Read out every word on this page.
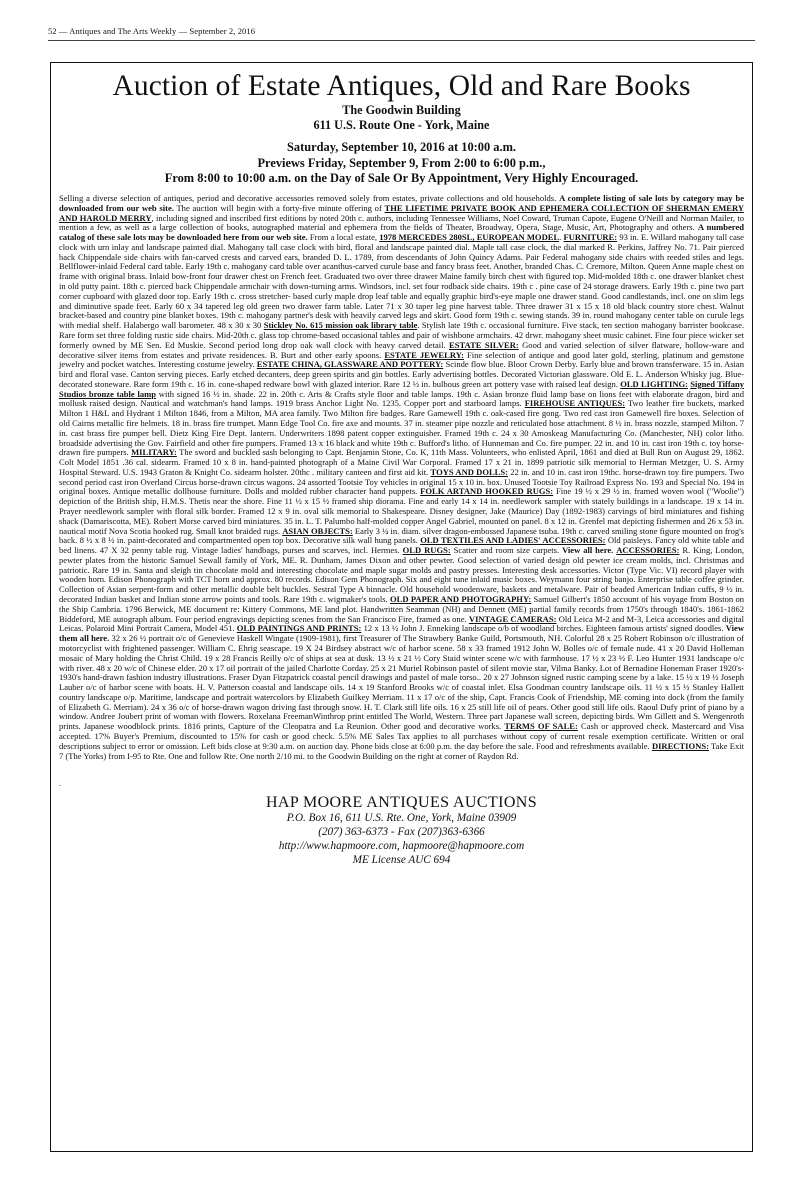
52 — Antiques and The Arts Weekly — September 2, 2016
Auction of Estate Antiques, Old and Rare Books

The Goodwin Building

611 U.S. Route One - York, Maine

Saturday, September 10, 2016 at 10:00 a.m.

Previews Friday, September 9, From 2:00 to 6:00 p.m.,

From 8:00 to 10:00 a.m. on the Day of Sale Or By Appointment, Very Highly Encouraged.

Selling a diverse selection of antiques, period and decorative accessories removed solely from estates, private collections and old households. A complete listing of sale lots by category may be downloaded from our web site. The auction will begin with a forty-five minute offering of THE LIFETIME PRIVATE BOOK AND EPHEMERA COLLECTION OF SHERMAN EMERY AND HAROLD MERRY, including signed and inscribed first editions by noted 20th c. authors, including Tennessee Williams, Noel Coward, Truman Capote, Eugene O'Neill and Norman Mailer, to mention a few, as well as a large collection of books, autographed material and ephemera from the fields of Theater, Broadway, Opera, Stage, Music, Art, Photography and others. A numbered catalog of these sale lots may be downloaded here from our web site. From a local estate, 1978 MERCEDES 280SL, EUROPEAN MODEL. FURNITURE: 93 in. E. Willard mahogany tall case clock with urn inlay and landscape painted dial. Mahogany tall case clock with bird, floral and landscape painted dial. Maple tall case clock, the dial marked R. Perkins, Jaffrey No. 71. Pair pierced back Chippendale side chairs with fan-carved crests and carved ears, branded D. L. 1789, from descendants of John Quincy Adams. Pair Federal mahogany side chairs with reeded stiles and legs. Bellflower-inlaid Federal card table. Early 19th c. mahogany card table over acanthus-carved curule base and fancy brass feet. Another, branded Chas. C. Cremore, Milton. Queen Anne maple chest on frame with original brass. Inlaid bow-front four drawer chest on French feet. Graduated two over three drawer Maine family birch chest with figured top. Mid-molded 18th c. one drawer blanket chest in old putty paint. 18th c. pierced back Chippendale armchair with down-turning arms. Windsors, incl. set four rodback side chairs. 19th c . pine case of 24 storage drawers. Early 19th c. pine two part corner cupboard with glazed door top. Early 19th c. cross stretcher- based curly maple drop leaf table and equally graphic bird's-eye maple one drawer stand. Good candlestands, incl. one on slim legs and diminutive spade feet. Early 60 x 34 tapered leg old green two drawer farm table. Later 71 x 30 taper leg pine harvest table. Three drawer 31 x 15 x 18 old black country store chest. Walnut bracket-based and country pine blanket boxes. 19th c. mahogany partner's desk with heavily carved legs and skirt. Good form 19th c. sewing stands. 39 in. round mahogany center table on curule legs with medial shelf. Halabergo wall barometer. 48 x 30 x 30 Stickley No. 615 mission oak library table. Stylish late 19th c. occasional furniture. Five stack, ten section mahogany barrister bookcase. Rare form set three folding rustic side chairs. Mid-20th c. glass top chrome-based occasional tables and pair of wishbone armchairs. 42 drwr. mahogany sheet music cabinet. Fine four piece wicker set formerly owned by ME Sen. Ed Muskie. Second period long drop oak wall clock with heavy carved detail. ESTATE SILVER: Good and varied selection of silver flatware, hollow-ware and decorative silver items from estates and private residences. B. Burt and other early spoons. ESTATE JEWELRY: Fine selection of antique and good later gold, sterling, platinum and gemstone jewelry and pocket watches. Interesting costume jewelry. ESTATE CHINA, GLASSWARE AND POTTERY: Scinde flow blue. Bloor Crown Derby. Early blue and brown transferware. 15 in. Asian bird and floral vase. Canton serving pieces. Early etched decanters, deep green spirits and gin bottles. Early advertising bottles. Decorated Victorian glassware. Old E. L. Anderson Whisky jug. Blue-decorated stoneware. Rare form 19th c. 16 in. cone-shaped redware bowl with glazed interior. Rare 12 ½ in. bulbous green art pottery vase with raised leaf design. OLD LIGHTING: Signed Tiffany Studios bronze table lamp with signed 16 ½ in. shade. 22 in. 20th c. Arts & Crafts style floor and table lamps. 19th c. Asian bronze fluid lamp base on lions feet with elaborate dragon, bird and mollusk raised design. Nautical and watchman's hand lamps. 1919 brass Anchor Light No. 1235. Copper port and starboard lamps. FIREHOUSE ANTIQUES: Two leather fire buckets, marked Milton 1 H&L and Hydrant 1 Milton 1846, from a Milton, MA area family. Two Milton fire badges. Rare Gamewell 19th c. oak-cased fire gong. Two red cast iron Gamewell fire boxes. Selection of old Cairns metallic fire helmets. 18 in. brass fire trumpet. Mann Edge Tool Co. fire axe and mounts. 37 in. steamer pipe nozzle and reticulated hose attachment. 8 ½ in. brass nozzle, stamped Milton. 7 in. cast brass fire pumper bell. Dietz King Fire Dept. lantern. Underwriters 1898 patent copper extinguisher. Framed 19th c. 24 x 30 Amoskeag Manufacturing Co. (Manchester, NH) color litho. broadside advertising the Gov. Fairfield and other fire pumpers. Framed 13 x 16 black and white 19th c. Bufford's litho. of Hunneman and Co. fire pumper. 22 in. and 10 in. cast iron 19th c. toy horse-drawn fire pumpers. MILITARY: The sword and buckled sash belonging to Capt. Benjamin Stone, Co. K, 11th Mass. Volunteers, who enlisted April, 1861 and died at Bull Run on August 29, 1862. Colt Model 1851 .36 cal. sidearm. Framed 10 x 8 in. hand-painted photograph of a Maine Civil War Corporal. Framed 17 x 21 in. 1899 patriotic silk memorial to Herman Metzger, U. S. Army Hospital Steward. U.S. 1943 Graton & Knight Co. sidearm holster. 20thc . military canteen and first aid kit. TOYS AND DOLLS: 22 in. and 10 in. cast iron 19thc. horse-drawn toy fire pumpers. Two second period cast iron Overland Circus horse-drawn circus wagons. 24 assorted Tootsie Toy vehicles in original 15 x 10 in. box. Unused Tootsie Toy Railroad Express No. 193 and Special No. 194 in original boxes. Antique metallic dollhouse furniture. Dolls and molded rubber character hand puppets. FOLK ARTAND HOOKED RUGS: Fine 19 ½ x 29 ½ in. framed woven wool ("Woolie") depiction of the British ship, H.M.S. Thetis near the shore. Fine 11 ½ x 15 ½ framed ship diorama. Fine and early 14 x 14 in. needlework sampler with stately buildings in a landscape. 19 x 14 in. Prayer needlework sampler with floral silk border. Framed 12 x 9 in. oval silk memorial to Shakespeare. Disney designer, Jake (Maurice) Day (1892-1983) carvings of bird miniatures and fishing shack (Damariscotta, ME). Robert Morse carved bird miniatures. 35 in. L. T. Palumbo half-molded copper Angel Gabriel, mounted on panel. 8 x 12 in. Grenfel mat depicting fishermen and 26 x 53 in. nautical motif Nova Scotia hooked rug. Small knot braided rugs. ASIAN OBJECTS: Early 3 ¼ in. diam. silver dragon-embossed Japanese tsuba. 19th c. carved smiling stone figure mounted on frog's back. 8 ½ x 8 ½ in. paint-decorated and compartmented open top box. Decorative silk wall hung panels. OLD TEXTILES AND LADIES' ACCESSORIES: Old paisleys. Fancy old white table and bed linens. 47 X 32 penny table rug. Vintage ladies' handbags, purses and scarves, incl. Hermes. OLD RUGS: Scatter and room size carpets. View all here. ACCESSORIES: R. King, London, pewter plates from the historic Samuel Sewall family of York, ME. R. Dunham, James Dixon and other pewter. Good selection of varied design old pewter ice cream molds, incl. Christmas and patriotic. Rare 19 in. Santa and sleigh tin chocolate mold and interesting chocolate and maple sugar molds and pastry presses. Interesting desk accessories. Victor (Type Vic. VI) record player with wooden horn. Edison Phonograph with TCT horn and approx. 80 records. Edison Gem Phonograph. Six and eight tune inlaid music boxes. Weymann four string banjo. Enterprise table coffee grinder. Collection of Asian serpent-form and other metallic double belt buckles. Sestral Type A binnacle. Old household woodenware, baskets and metalware. Pair of beaded American Indian cuffs, 9 ½ in. decorated Indian basket and Indian stone arrow points and tools. Rare 19th c. wigmaker's tools. OLD PAPER AND PHOTOGRAPHY: Samuel Gilbert's 1850 account of his voyage from Boston on the Ship Cambria. 1796 Berwick, ME document re: Kittery Commons, ME land plot. Handwritten Seamman (NH) and Dennett (ME) partial family records from 1750's through 1840's. 1861-1862 Biddeford, ME autograph album. Four period engravings depicting scenes from the San Francisco Fire, framed as one. VINTAGE CAMERAS: Old Leica M-2 and M-3, Leica accessories and digital Leicas. Polaroid Mini Portrait Camera, Model 451. OLD PAINTINGS AND PRINTS: 12 x 13 ½ John J. Enneking landscape o/b of woodland birches. Eighteen famous artists' signed doodles. View them all here. 32 x 26 ½ portrait o/c of Genevieve Haskell Wingate (1909-1981), first Treasurer of The Strawbery Banke Guild, Portsmouth, NH. Colorful 28 x 25 Robert Robinson o/c illustration of motorcyclist with frightened passenger. William C. Ehrig seascape. 19 X 24 Birdsey abstract w/c of harbor scene. 58 x 33 framed 1912 John W. Bolles o/c of female nude. 41 x 20 David Holleman mosaic of Mary holding the Christ Child. 19 x 28 Francis Reilly o/c of ships at sea at dusk. 13 ½ x 21 ½ Cory Staid winter scene w/c with farmhouse. 17 ½ x 23 ½ F. Leo Hunter 1931 landscape o/c with river. 48 x 20 w/c of Chinese elder. 20 x 17 oil portrait of the jailed Charlotte Corday. 25 x 21 Muriel Robinson pastel of silent movie star, Vilma Banky. Lot of Bernadine Honeman Fraser 1920's-1930's hand-drawn fashion industry illustrations. Fraser Dyan Fitzpatrick coastal pencil drawings and pastel of male torso.. 20 x 27 Johnson signed rustic camping scene by a lake. 15 ½ x 19 ½ Joseph Lauber o/c of harbor scene with boats. H. V. Patterson coastal and landscape oils. 14 x 19 Stanford Brooks w/c of coastal inlet. Elsa Goodman country landscape oils. 11 ½ x 15 ½ Stanley Hallett country landscape o/p. Maritime, landscape and portrait watercolors by Elizabeth Guilkey Merriam. 11 x 17 o/c of the ship, Capt. Francis Cook of Friendship, ME coming into dock (from the family of Elizabeth G. Merriam). 24 x 36 o/c of horse-drawn wagon driving fast through snow. H. T. Clark still life oils. 16 x 25 still life oil of pears. Other good still life oils. Raoul Dufy print of piano by a window. Andree Joubert print of woman with flowers. Roxelana FreemanWinthrop print entitled The World, Western. Three part Japanese wall screen, depicting birds. Wm Gillett and S. Wengenroth prints. Japanese woodblock prints. 1816 prints, Capture of the Cleopatra and La Reunion. Other good and decorative works. TERMS OF SALE: Cash or approved check. Mastercard and Visa accepted. 17% Buyer's Premium, discounted to 15% for cash or good check. 5.5% ME Sales Tax applies to all purchases without copy of current resale exemption certificate. Written or oral descriptions subject to error or omission. Left bids close at 9:30 a.m. on auction day. Phone bids close at 6:00 p.m. the day before the sale. Food and refreshments available. DIRECTIONS: Take Exit 7 (The Yorks) from I-95 to Rte. One and follow Rte. One north 2/10 mi. to the Goodwin Building on the right at corner of Raydon Rd.

.

HAP MOORE ANTIQUES AUCTIONS

P.O. Box 16, 611 U.S. Rte. One, York, Maine 03909

(207) 363-6373 - Fax (207)363-6366

http://www.hapmoore.com, hapmoore@hapmoore.com

ME License AUC 694
